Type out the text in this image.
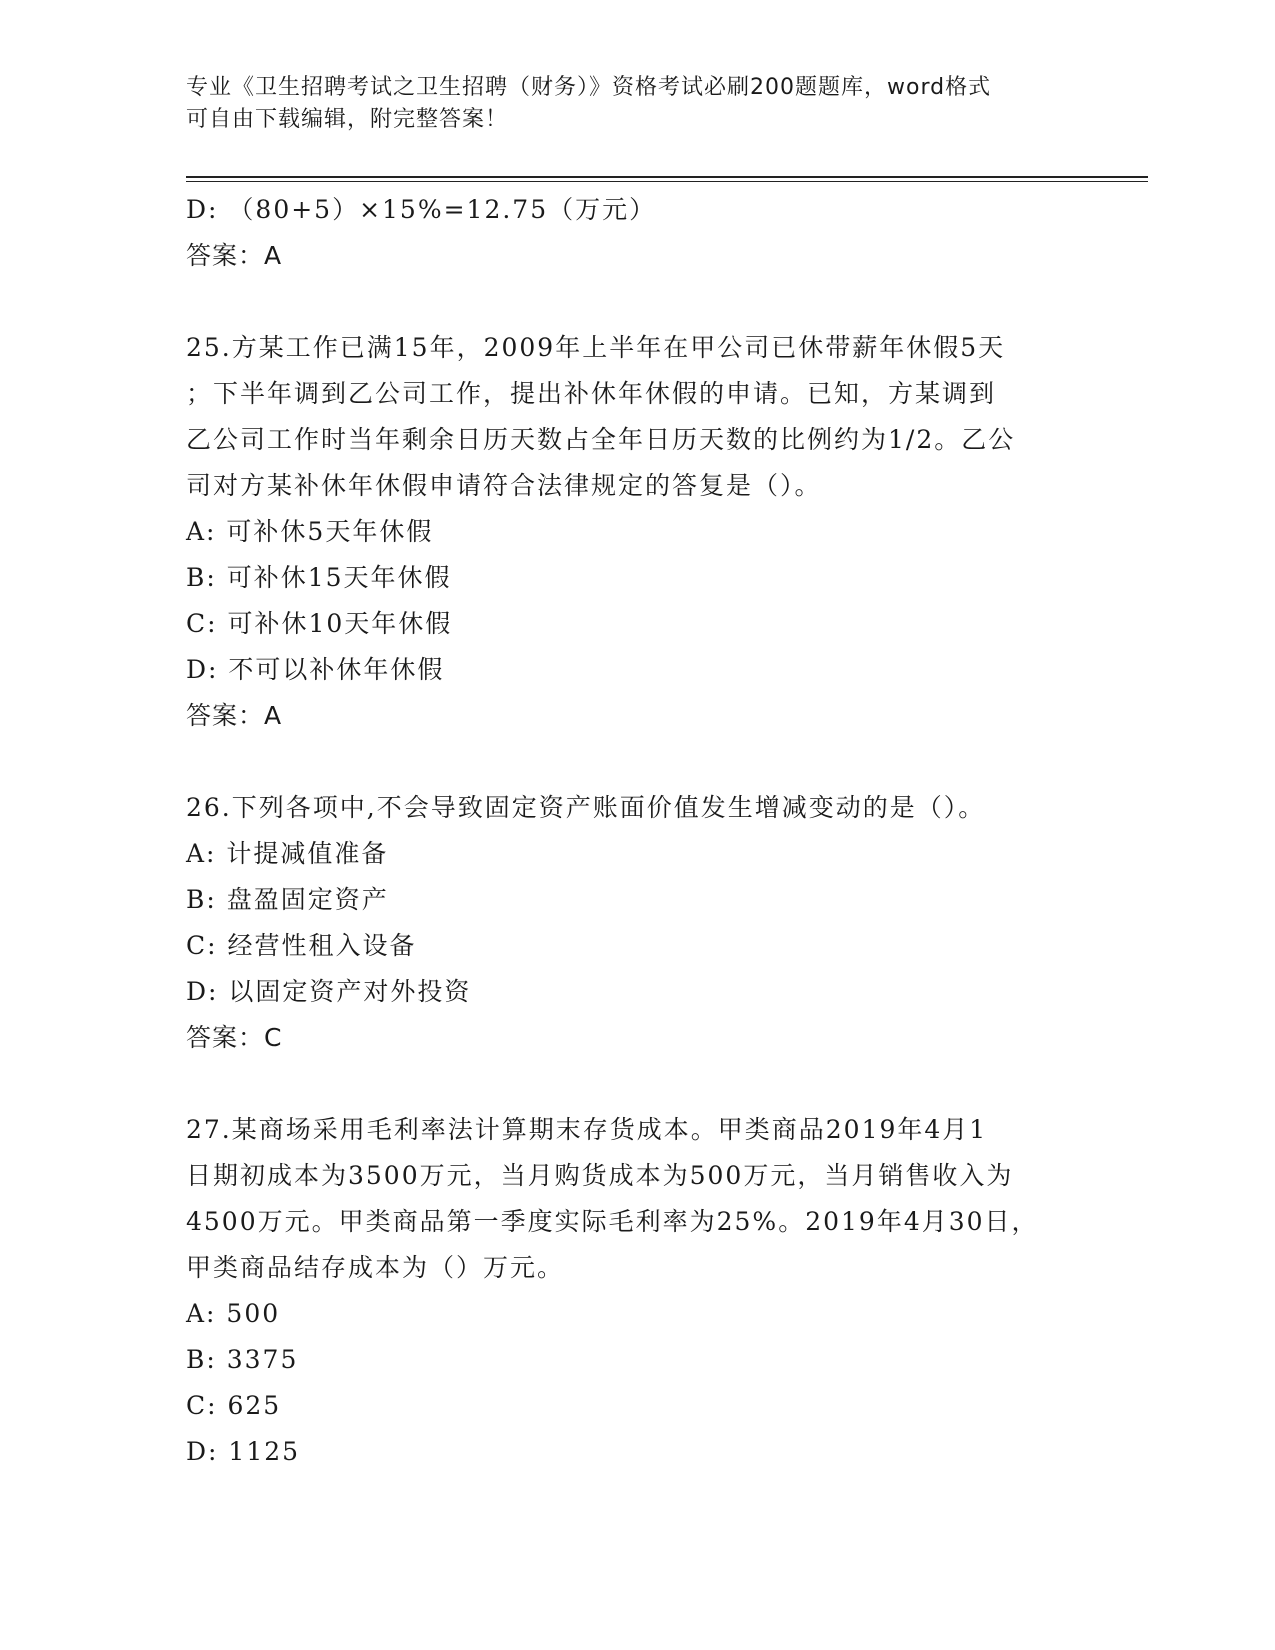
专业《卫生招聘考试之卫生招聘（财务）》资格考试必刷200题题库，word格式
可自由下载编辑，附完整答案！
D: （80+5）×15%=12.75（万元）
答案：A
25.方某工作已满15年，2009年上半年在甲公司已休带薪年休假5天
；下半年调到乙公司工作，提出补休年休假的申请。已知，方某调到
乙公司工作时当年剩余日历天数占全年日历天数的比例约为1/2。乙公
司对方某补休年休假申请符合法律规定的答复是（）。
A: 可补休5天年休假
B: 可补休15天年休假
C: 可补休10天年休假
D: 不可以补休年休假
答案：A
26.下列各项中,不会导致固定资产账面价值发生增减变动的是（）。
A: 计提减值准备
B: 盘盈固定资产
C: 经营性租入设备
D: 以固定资产对外投资
答案：C
27.某商场采用毛利率法计算期末存货成本。甲类商品2019年4月1
日期初成本为3500万元，当月购货成本为500万元，当月销售收入为
4500万元。甲类商品第一季度实际毛利率为25%。2019年4月30日，
甲类商品结存成本为（）万元。
A: 500
B: 3375
C: 625
D: 1125
